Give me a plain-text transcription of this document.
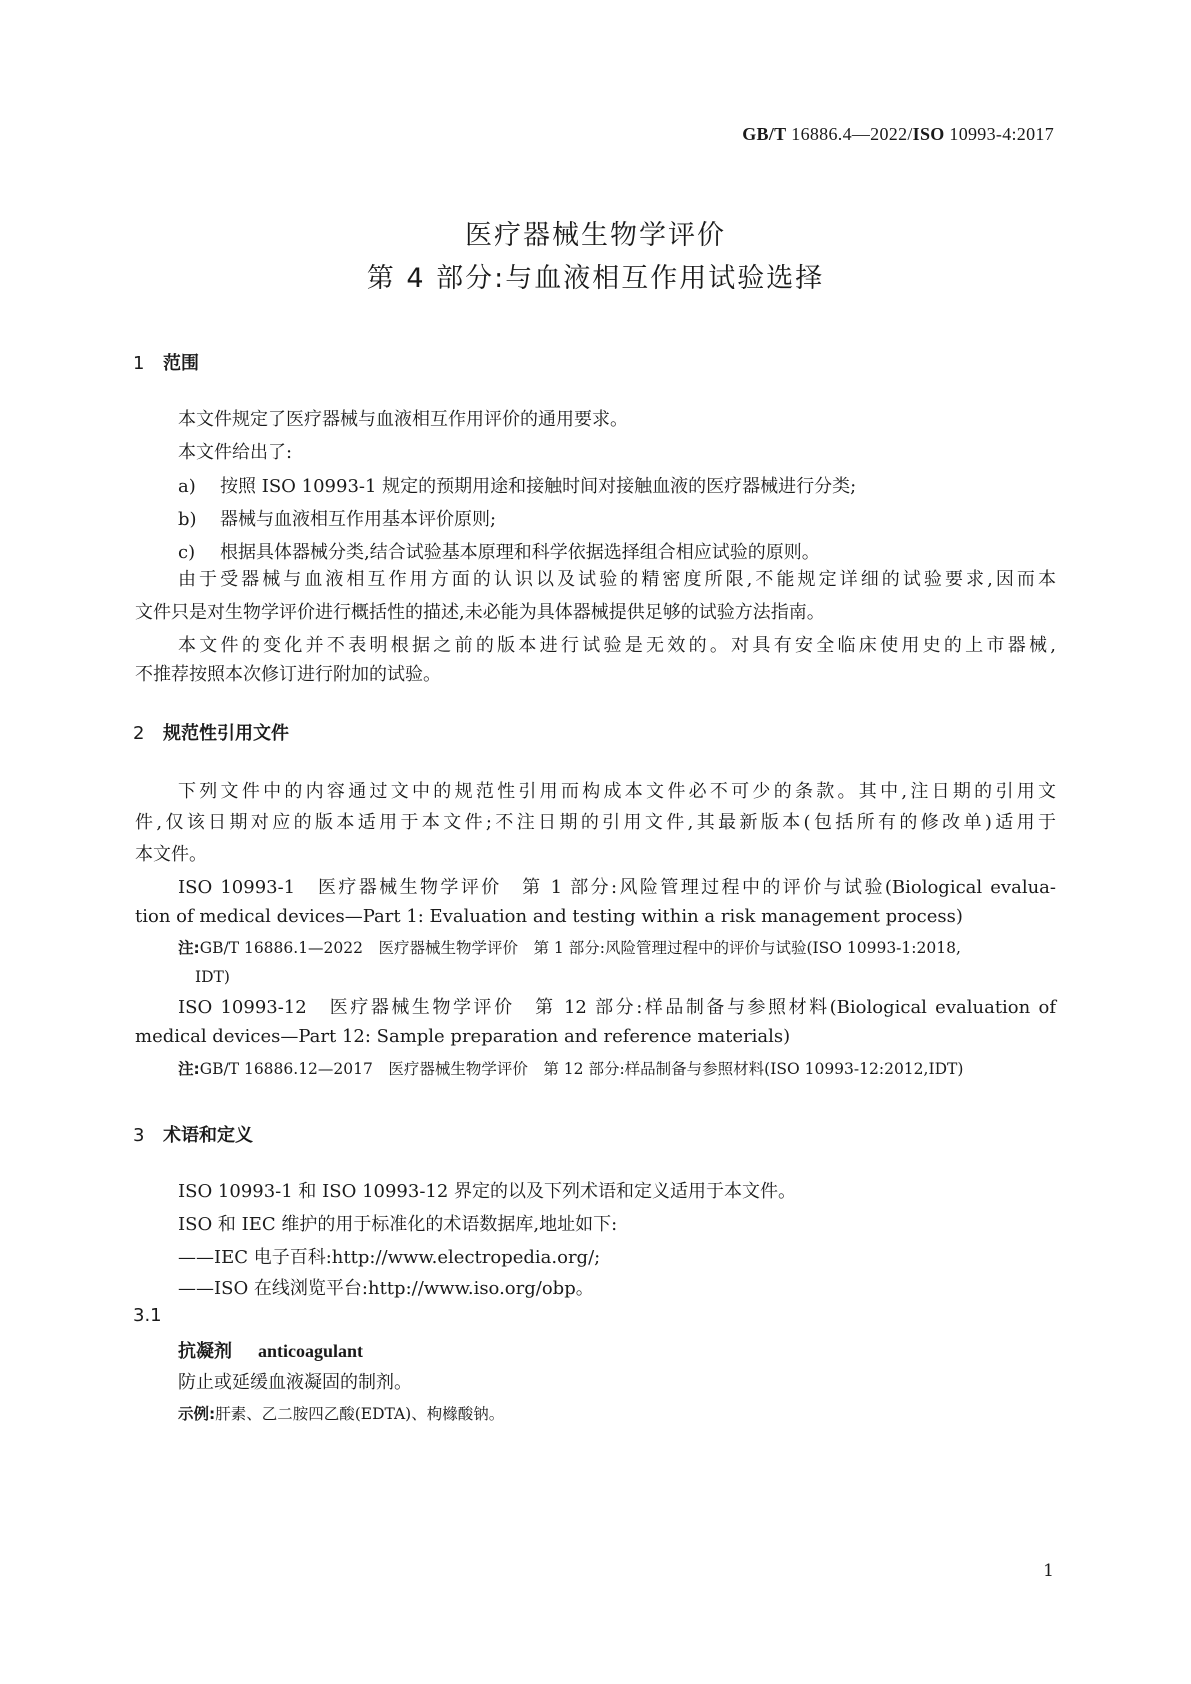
GB/T 16886.4—2022/ISO 10993-4:2017
医疗器械生物学评价
第 4 部分:与血液相互作用试验选择
1 范围
本文件规定了医疗器械与血液相互作用评价的通用要求。
本文件给出了:
a) 按照 ISO 10993-1 规定的预期用途和接触时间对接触血液的医疗器械进行分类;
b) 器械与血液相互作用基本评价原则;
c) 根据具体器械分类,结合试验基本原理和科学依据选择组合相应试验的原则。
由于受器械与血液相互作用方面的认识以及试验的精密度所限,不能规定详细的试验要求,因而本
文件只是对生物学评价进行概括性的描述,未必能为具体器械提供足够的试验方法指南。
本文件的变化并不表明根据之前的版本进行试验是无效的。对具有安全临床使用史的上市器械,
不推荐按照本次修订进行附加的试验。
2 规范性引用文件
下列文件中的内容通过文中的规范性引用而构成本文件必不可少的条款。其中,注日期的引用文
件,仅该日期对应的版本适用于本文件;不注日期的引用文件,其最新版本(包括所有的修改单)适用于
本文件。
ISO 10993-1　医疗器械生物学评价　第 1 部分:风险管理过程中的评价与试验(Biological evalua-
tion of medical devices—Part 1: Evaluation and testing within a risk management process)
注:GB/T 16886.1—2022　医疗器械生物学评价　第 1 部分:风险管理过程中的评价与试验(ISO 10993-1:2018,
IDT)
ISO 10993-12　医疗器械生物学评价　第 12 部分:样品制备与参照材料(Biological evaluation of
medical devices—Part 12: Sample preparation and reference materials)
注:GB/T 16886.12—2017　医疗器械生物学评价　第 12 部分:样品制备与参照材料(ISO 10993-12:2012,IDT)
3 术语和定义
ISO 10993-1 和 ISO 10993-12 界定的以及下列术语和定义适用于本文件。
ISO 和 IEC 维护的用于标准化的术语数据库,地址如下:
——IEC 电子百科:http://www.electropedia.org/;
——ISO 在线浏览平台:http://www.iso.org/obp。
3.1
抗凝剂 anticoagulant
防止或延缓血液凝固的制剂。
示例:肝素、乙二胺四乙酸(EDTA)、枸橼酸钠。
1
